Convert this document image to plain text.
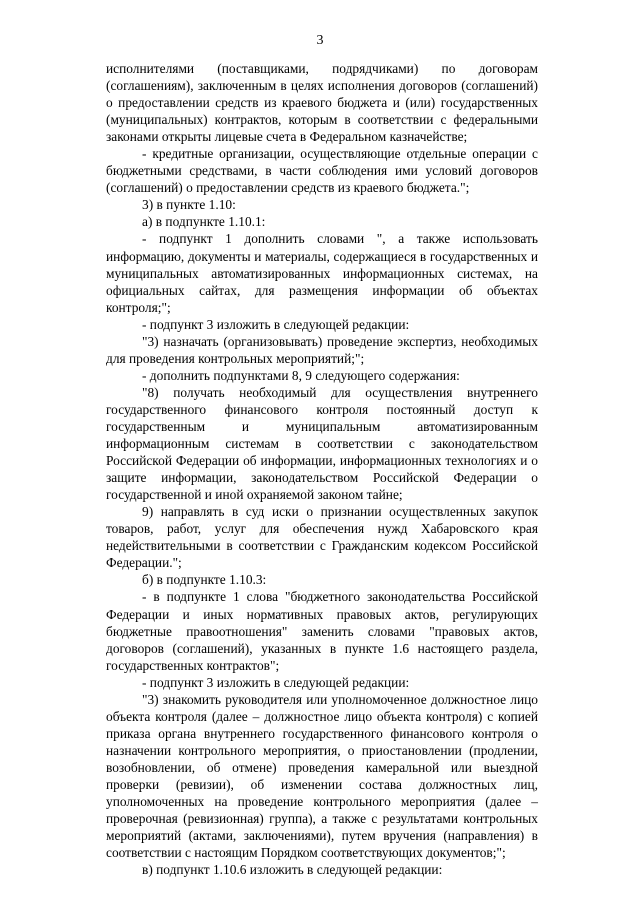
3

исполнителями (поставщиками, подрядчиками) по договорам (соглашениям), заключенным в целях исполнения договоров (соглашений) о предоставлении средств из краевого бюджета и (или) государственных (муниципальных) контрактов, которым в соответствии с федеральными законами открыты лицевые счета в Федеральном казначействе;

- кредитные организации, осуществляющие отдельные операции с бюджетными средствами, в части соблюдения ими условий договоров (соглашений) о предоставлении средств из краевого бюджета.";

3) в пункте 1.10:

а) в подпункте 1.10.1:

- подпункт 1 дополнить словами ", а также использовать информацию, документы и материалы, содержащиеся в государственных и муниципальных автоматизированных информационных системах, на официальных сайтах, для размещения информации об объектах контроля;";

- подпункт 3 изложить в следующей редакции:

"3) назначать (организовывать) проведение экспертиз, необходимых для проведения контрольных мероприятий;";

- дополнить подпунктами 8, 9 следующего содержания:

"8) получать необходимый для осуществления внутреннего государственного финансового контроля постоянный доступ к государственным и муниципальным автоматизированным информационным системам в соответствии с законодательством Российской Федерации об информации, информационных технологиях и о защите информации, законодательством Российской Федерации о государственной и иной охраняемой законом тайне;

9) направлять в суд иски о признании осуществленных закупок товаров, работ, услуг для обеспечения нужд Хабаровского края недействительными в соответствии с Гражданским кодексом Российской Федерации.";

б) в подпункте 1.10.3:

- в подпункте 1 слова "бюджетного законодательства Российской Федерации и иных нормативных правовых актов, регулирующих бюджетные правоотношения" заменить словами "правовых актов, договоров (соглашений), указанных в пункте 1.6 настоящего раздела, государственных контрактов";

- подпункт 3 изложить в следующей редакции:

"3) знакомить руководителя или уполномоченное должностное лицо объекта контроля (далее – должностное лицо объекта контроля) с копией приказа органа внутреннего государственного финансового контроля о назначении контрольного мероприятия, о приостановлении (продлении, возобновлении, об отмене) проведения камеральной или выездной проверки (ревизии), об изменении состава должностных лиц, уполномоченных на проведение контрольного мероприятия (далее – проверочная (ревизионная) группа), а также с результатами контрольных мероприятий (актами, заключениями), путем вручения (направления) в соответствии с настоящим Порядком соответствующих документов;";

в) подпункт 1.10.6 изложить в следующей редакции:
